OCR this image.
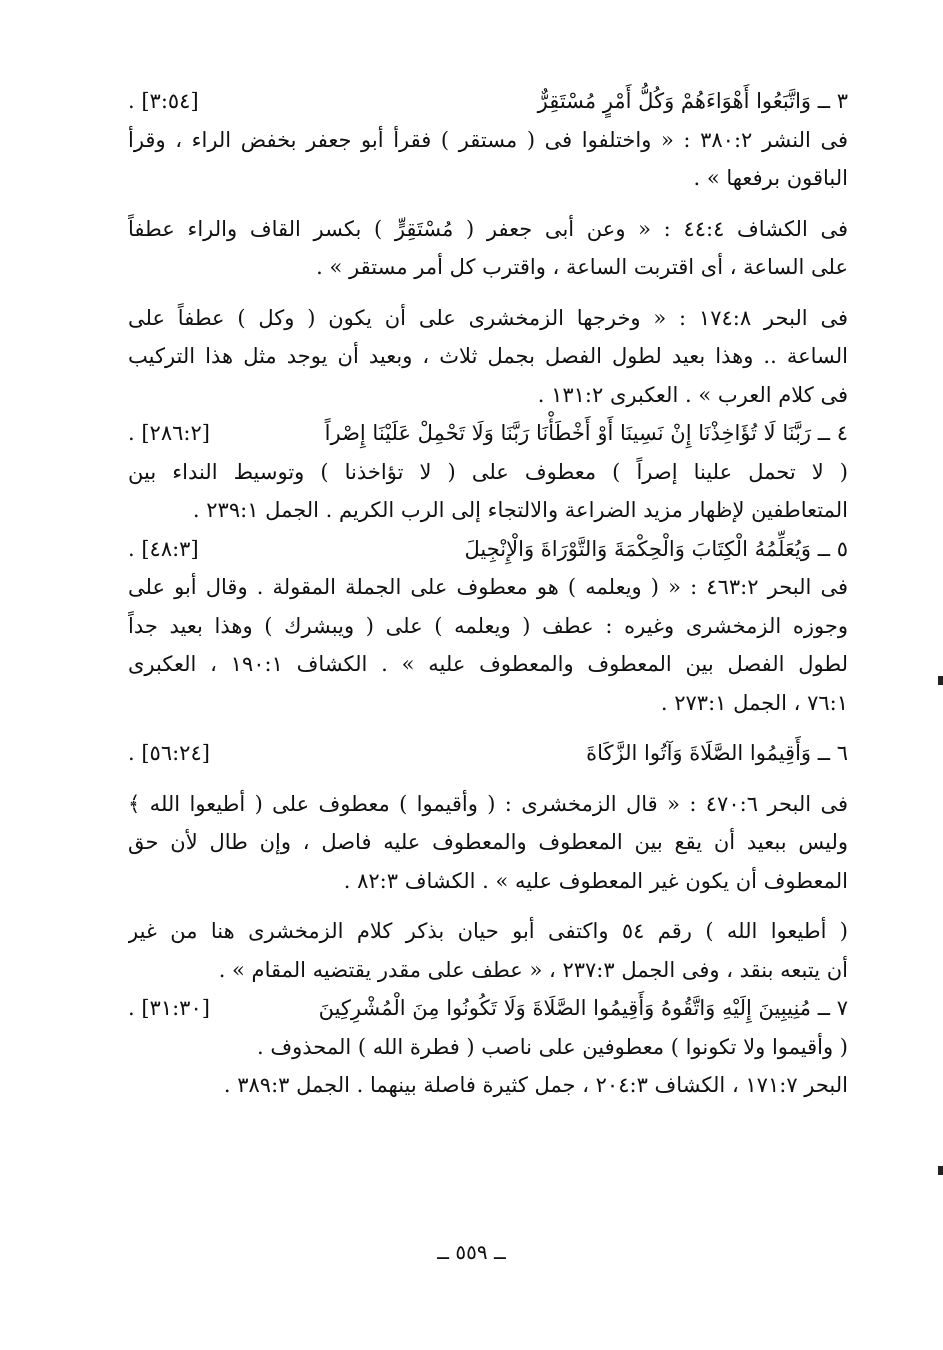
٣ ــ وَاتَّبَعُوا أَهْوَاءَهُمْ وَكُلُّ أَمْرٍ مُسْتَقِرٌّ
[٣:٥٤] .
فى النشر ٣٨٠:٢ : « واختلفوا فى ( مستقر ) فقرأ أبو جعفر بخفض الراء ، وقرأ
الباقون برفعها » .
فى الكشاف ٤٤:٤ : « وعن أبى جعفر ( مُسْتَقِرٍّ ) بكسر القاف والراء عطفاً
على الساعة ، أى اقتربت الساعة ، واقترب كل أمر مستقر » .
فى البحر ١٧٤:٨ : « وخرجها الزمخشرى على أن يكون ( وكل ) عطفاً على
الساعة .. وهذا بعيد لطول الفصل بجمل ثلاث ، وبعيد أن يوجد مثل هذا التركيب
فى كلام العرب » . العكبرى ١٣١:٢ .
٤ ــ رَبَّنَا لَا تُؤَاخِذْنَا إِنْ نَسِينَا أَوْ أَخْطَأْنَا رَبَّنَا وَلَا تَحْمِلْ عَلَيْنَا إِصْراً
[٢٨٦:٢] .
( لا تحمل علينا إصراً ) معطوف على ( لا تؤاخذنا ) وتوسيط النداء بين
المتعاطفين لإظهار مزيد الضراعة والالتجاء إلى الرب الكريم . الجمل ٢٣٩:١ .
٥ ــ وَيُعَلِّمُهُ الْكِتَابَ وَالْحِكْمَةَ وَالتَّوْرَاةَ وَالْإِنْجِيلَ
[٤٨:٣] .
فى البحر ٤٦٣:٢ : « ( ويعلمه ) هو معطوف على الجملة المقولة . وقال أبو على
وجوزه الزمخشرى وغيره : عطف ( ويعلمه ) على ( ويبشرك ) وهذا بعيد جداً
لطول الفصل بين المعطوف والمعطوف عليه » . الكشاف ١٩٠:١ ، العكبرى
٧٦:١ ، الجمل ٢٧٣:١ .
٦ ــ وَأَقِيمُوا الصَّلَاةَ وَآتُوا الزَّكَاةَ
[٥٦:٢٤] .
فى البحر ٤٧٠:٦ : « قال الزمخشرى : ( وأقيموا ) معطوف على ( أطيعوا الله ﴾
وليس ببعيد أن يقع بين المعطوف والمعطوف عليه فاصل ، وإن طال لأن حق
المعطوف أن يكون غير المعطوف عليه » . الكشاف ٨٢:٣ .
( أطيعوا الله ) رقم ٥٤ واكتفى أبو حيان بذكر كلام الزمخشرى هنا من غير
أن يتبعه بنقد ، وفى الجمل ٢٣٧:٣ ، « عطف على مقدر يقتضيه المقام » .
٧ ــ مُنِيبِينَ إِلَيْهِ وَاتَّقُوهُ وَأَقِيمُوا الصَّلَاةَ وَلَا تَكُونُوا مِنَ الْمُشْرِكِينَ
[٣١:٣٠] .
( وأقيموا ولا تكونوا ) معطوفين على ناصب ( فطرة الله ) المحذوف .
البحر ١٧١:٧ ، الكشاف ٢٠٤:٣ ، جمل كثيرة فاصلة بينهما . الجمل ٣٨٩:٣ .
ــ ٥٥٩ ــ
